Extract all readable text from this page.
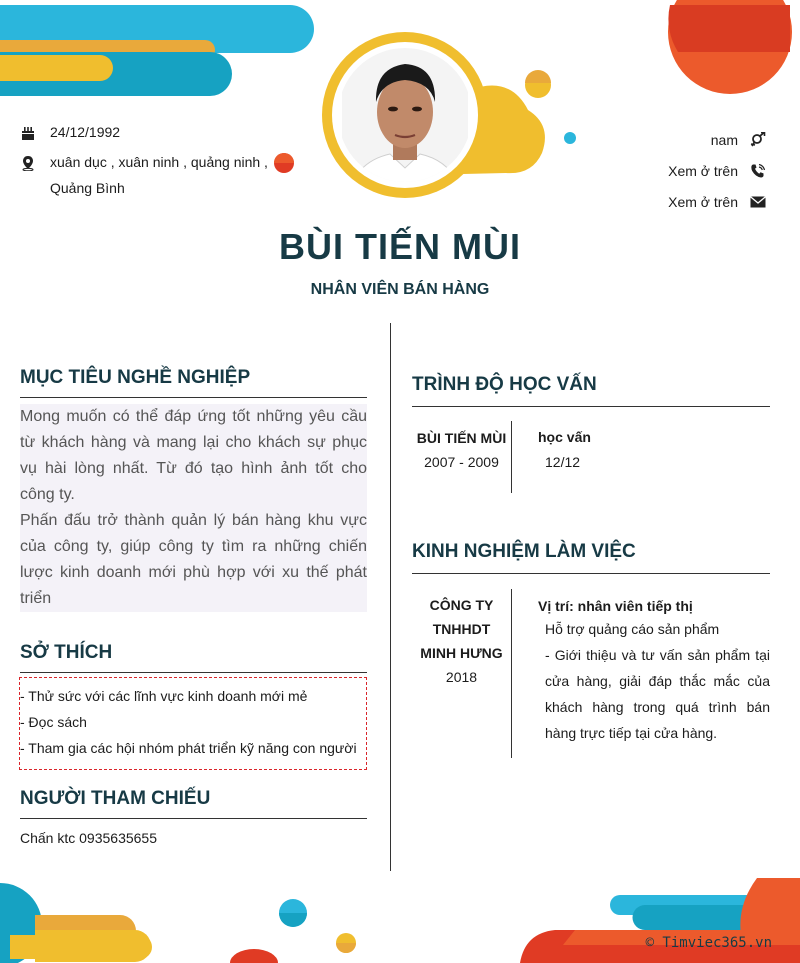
24/12/1992
xuân dục , xuân ninh , quảng ninh , Quảng Bình
nam
Xem ở trên
Xem ở trên
BÙI TIẾN MÙI
NHÂN VIÊN BÁN HÀNG
MỤC TIÊU NGHỀ NGHIỆP

Mong muốn có thể đáp ứng tốt những yêu cầu từ khách hàng và mang lại cho khách sự phục vụ hài lòng nhất. Từ đó tạo hình ảnh tốt cho công ty.

Phấn đấu trở thành quản lý bán hàng khu vực của công ty, giúp công ty tìm ra những chiến lược kinh doanh mới phù hợp với xu thế phát triển

SỞ THÍCH
- Thử sức với các lĩnh vực kinh doanh mới mẻ
- Đọc sách
- Tham gia các hội nhóm phát triển kỹ năng con người
NGƯỜI THAM CHIẾU
Chấn ktc 0935635655
TRÌNH ĐỘ HỌC VẤN
BÙI TIẾN MÙI
2007 - 2009
học vấn
12/12
KINH NGHIỆM LÀM VIỆC
CÔNG TY
TNHHDT
MINH HƯNG
2018
Vị trí: nhân viên tiếp thị
Hỗ trợ quảng cáo sản phẩm
- Giới thiệu và tư vấn sản phẩm tại cửa hàng, giải đáp thắc mắc của khách hàng trong quá trình bán hàng trực tiếp tại cửa hàng.
© Timviec365.vn
